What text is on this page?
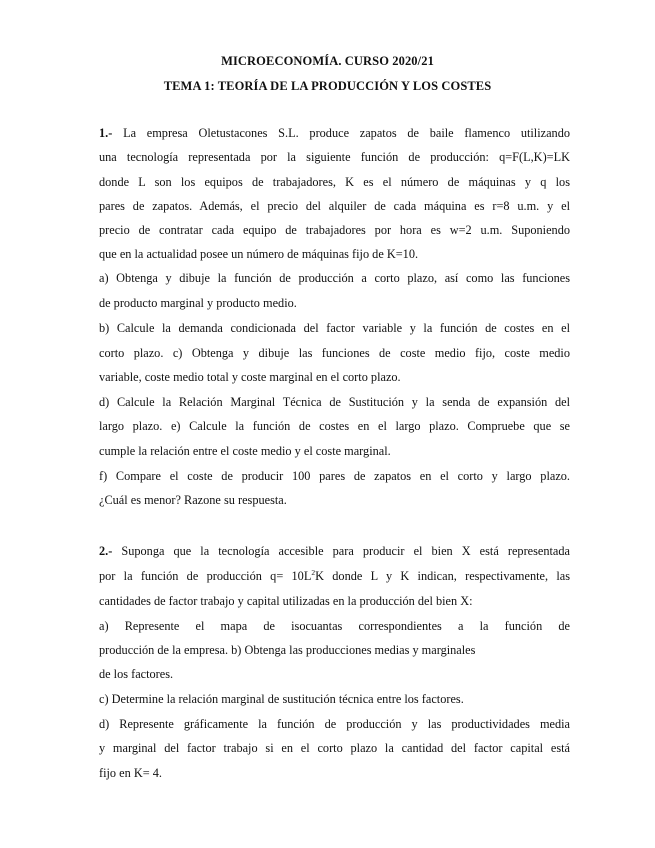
MICROECONOMÍA. CURSO 2020/21
TEMA 1: TEORÍA DE LA PRODUCCIÓN Y LOS COSTES
1.- La empresa Oletustacones S.L. produce zapatos de baile flamenco utilizando
una tecnología representada por la siguiente función de producción: q=F(L,K)=LK
donde L son los equipos de trabajadores, K es el número de máquinas y q los
pares de zapatos. Además, el precio del alquiler de cada máquina es r=8 u.m. y el
precio de contratar cada equipo de trabajadores por hora es w=2 u.m. Suponiendo
que en la actualidad posee un número de máquinas fijo de K=10.
a) Obtenga y dibuje la función de producción a corto plazo, así como las funciones
de producto marginal y producto medio.
b) Calcule la demanda condicionada del factor variable y la función de costes en el
corto plazo. c) Obtenga y dibuje las funciones de coste medio fijo, coste medio
variable, coste medio total y coste marginal en el corto plazo.
d) Calcule la Relación Marginal Técnica de Sustitución y la senda de expansión del
largo plazo. e) Calcule la función de costes en el largo plazo. Compruebe que se
cumple la relación entre el coste medio y el coste marginal.
f) Compare el coste de producir 100 pares de zapatos en el corto y largo plazo.
¿Cuál es menor? Razone su respuesta.
2.- Suponga que la tecnología accesible para producir el bien X está representada
por la función de producción $q= 10L^2K$ donde L y K indican, respectivamente, las
cantidades de factor trabajo y capital utilizadas en la producción del bien X:
a) Represente el mapa de isocuantas correspondientes a la función de
producción de la empresa. b) Obtenga las producciones medias y marginales
de los factores.
c) Determine la relación marginal de sustitución técnica entre los factores.
d) Represente gráficamente la función de producción y las productividades media
y marginal del factor trabajo si en el corto plazo la cantidad del factor capital está
fijo en K= 4.
